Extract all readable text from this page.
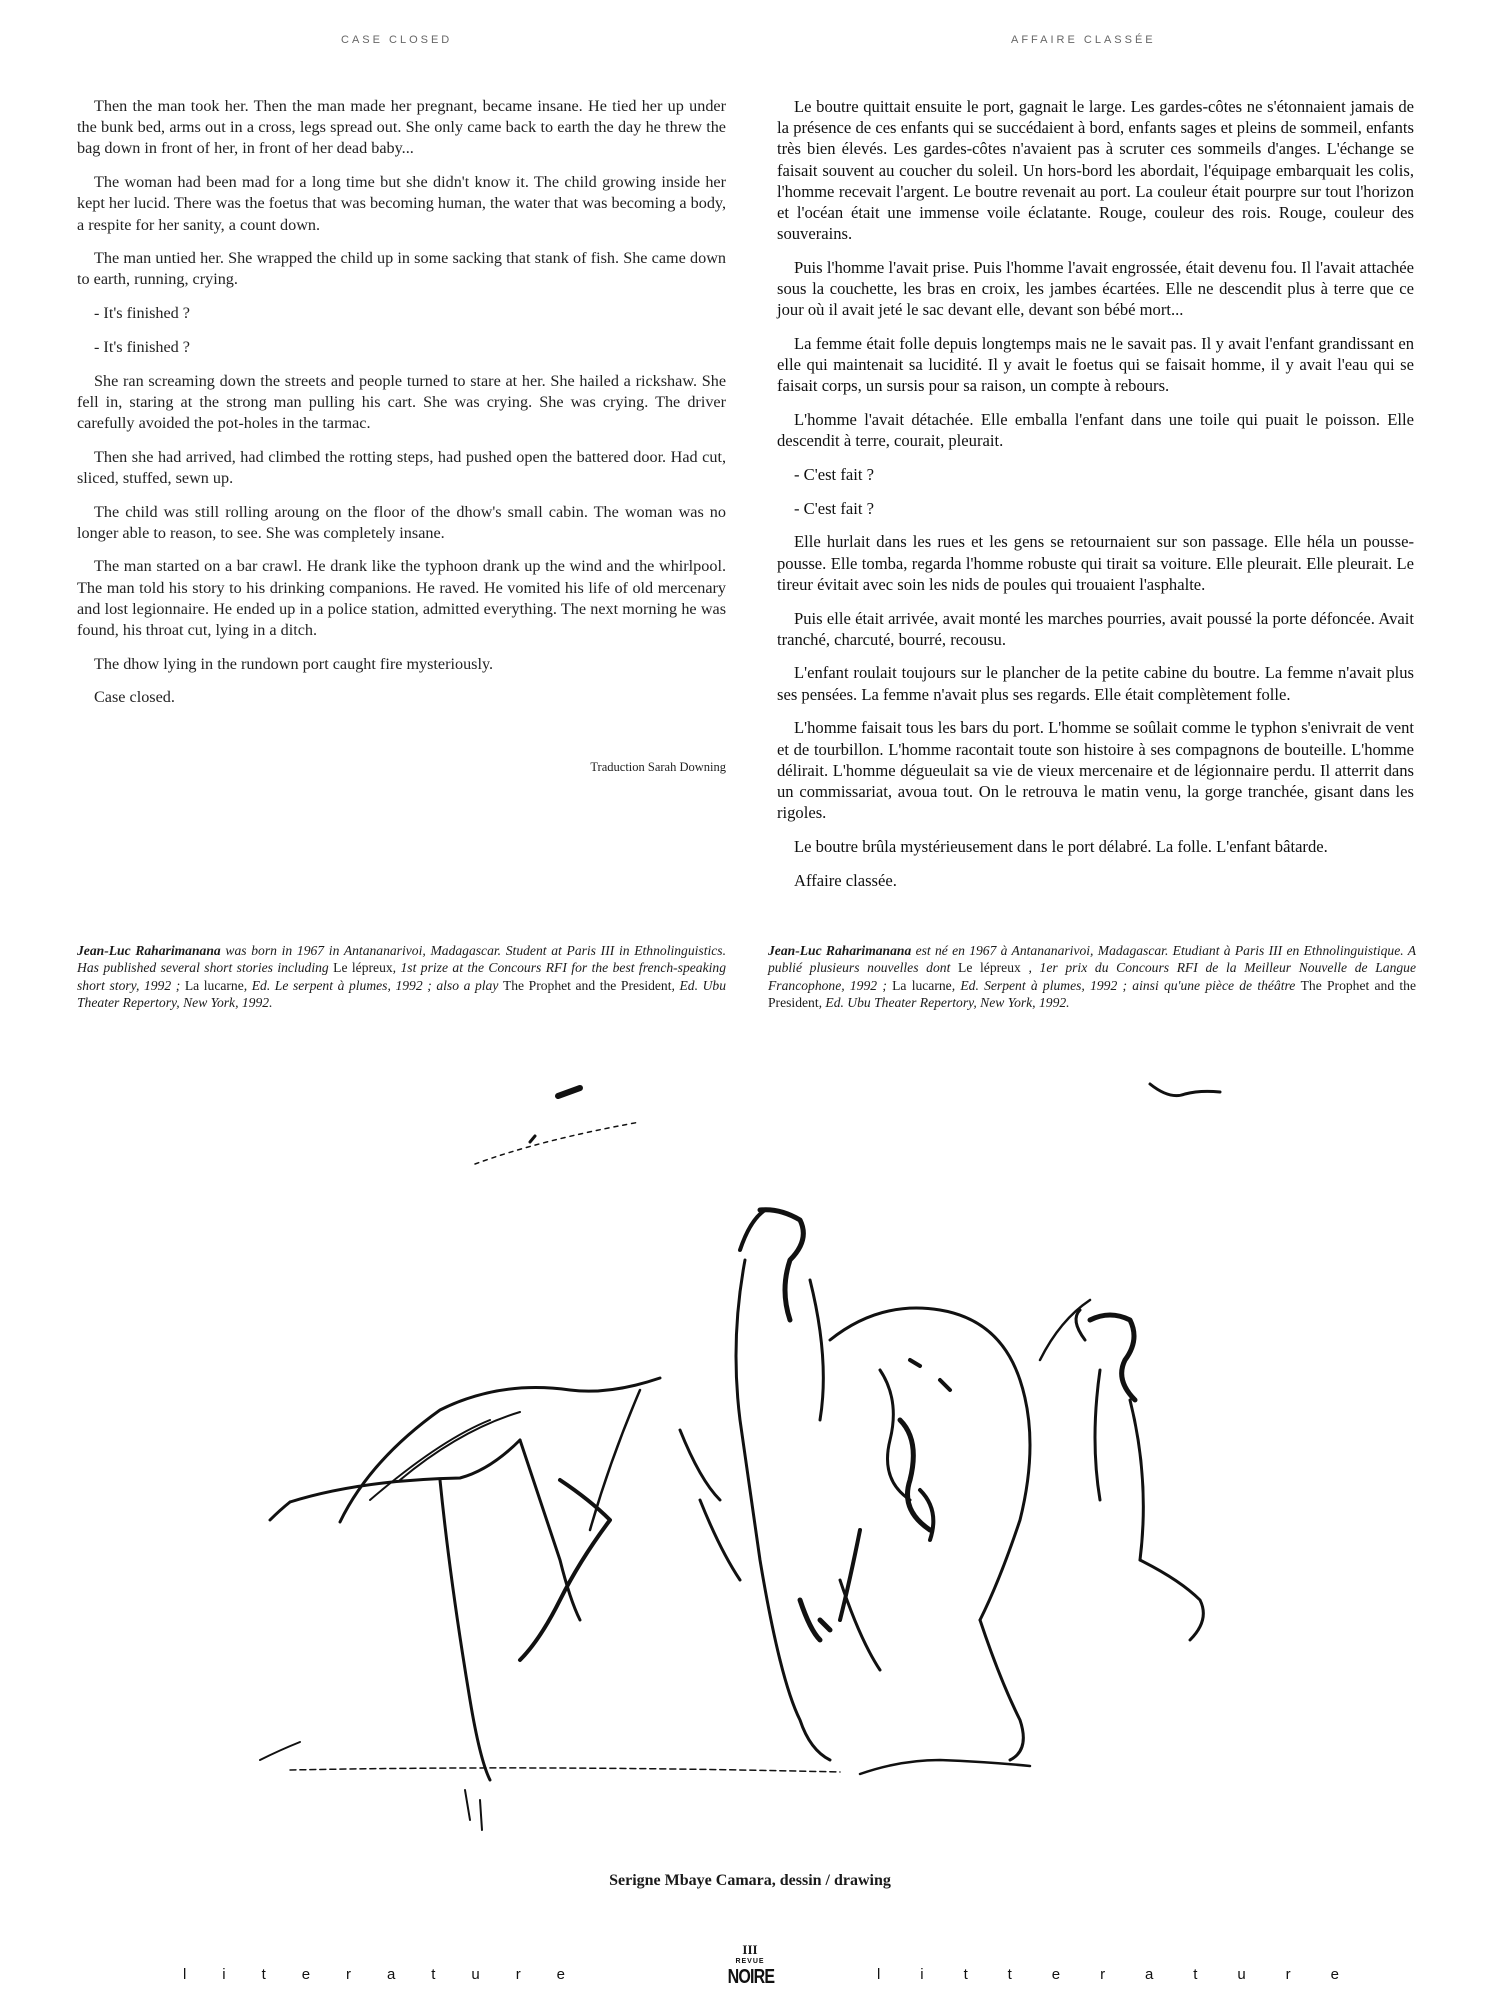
CASE CLOSED	AFFAIRE CLASSÉE

Then the man took her. Then the man made her pregnant, became insane. He tied her up under the bunk bed, arms out in a cross, legs spread out. She only came back to earth the day he threw the bag down in front of her, in front of her dead baby...

The woman had been mad for a long time but she didn't know it. The child growing inside her kept her lucid. There was the foetus that was becoming human, the water that was becoming a body, a respite for her sanity, a count down.

The man untied her. She wrapped the child up in some sacking that stank of fish. She came down to earth, running, crying.

- It's finished ?

- It's finished ?

She ran screaming down the streets and people turned to stare at her. She hailed a rickshaw. She fell in, staring at the strong man pulling his cart. She was crying. She was crying. The driver carefully avoided the pot-holes in the tarmac.

Then she had arrived, had climbed the rotting steps, had pushed open the battered door. Had cut, sliced, stuffed, sewn up.

The child was still rolling aroung on the floor of the dhow's small cabin. The woman was no longer able to reason, to see. She was completely insane.

The man started on a bar crawl. He drank like the typhoon drank up the wind and the whirlpool. The man told his story to his drinking companions. He raved. He vomited his life of old mercenary and lost legionnaire. He ended up in a police station, admitted everything. The next morning he was found, his throat cut, lying in a ditch.

The dhow lying in the rundown port caught fire mysteriously.

Case closed.

Traduction Sarah Downing

Le boutre quittait ensuite le port, gagnait le large. Les gardes-côtes ne s'étonnaient jamais de la présence de ces enfants qui se succédaient à bord, enfants sages et pleins de sommeil, enfants très bien élevés. Les gardes-côtes n'avaient pas à scruter ces sommeils d'anges. L'échange se faisait souvent au coucher du soleil. Un hors-bord les abordait, l'équipage embarquait les colis, l'homme recevait l'argent. Le boutre revenait au port. La couleur était pourpre sur tout l'horizon et l'océan était une immense voile éclatante. Rouge, couleur des rois. Rouge, couleur des souverains.

Puis l'homme l'avait prise. Puis l'homme l'avait engrossée, était devenu fou. Il l'avait attachée sous la couchette, les bras en croix, les jambes écartées. Elle ne descendit plus à terre que ce jour où il avait jeté le sac devant elle, devant son bébé mort...

La femme était folle depuis longtemps mais ne le savait pas. Il y avait l'enfant grandissant en elle qui maintenait sa lucidité. Il y avait le foetus qui se faisait homme, il y avait l'eau qui se faisait corps, un sursis pour sa raison, un compte à rebours.

L'homme l'avait détachée. Elle emballa l'enfant dans une toile qui puait le poisson. Elle descendit à terre, courait, pleurait.

- C'est fait ?

- C'est fait ?

Elle hurlait dans les rues et les gens se retournaient sur son passage. Elle héla un pousse-pousse. Elle tomba, regarda l'homme robuste qui tirait sa voiture. Elle pleurait. Elle pleurait. Le tireur évitait avec soin les nids de poules qui trouaient l'asphalte.

Puis elle était arrivée, avait monté les marches pourries, avait poussé la porte défoncée. Avait tranché, charcuté, bourré, recousu.

L'enfant roulait toujours sur le plancher de la petite cabine du boutre. La femme n'avait plus ses pensées. La femme n'avait plus ses regards. Elle était complètement folle.

L'homme faisait tous les bars du port. L'homme se soûlait comme le typhon s'enivrait de vent et de tourbillon. L'homme racontait toute son histoire à ses compagnons de bouteille. L'homme délirait. L'homme dégueulait sa vie de vieux mercenaire et de légionnaire perdu. Il atterrit dans un commissariat, avoua tout. On le retrouva le matin venu, la gorge tranchée, gisant dans les rigoles.

Le boutre brûla mystérieusement dans le port délabré. La folle. L'enfant bâtarde.

Affaire classée.

Jean-Luc Raharimanana was born in 1967 in Antananarivoi, Madagascar. Student at Paris III in Ethnolinguistics. Has published several short stories including Le lépreux, 1st prize at the Concours RFI for the best french-speaking short story, 1992 ; La lucarne, Ed. Le serpent à plumes, 1992 ; also a play The Prophet and the President, Ed. Ubu Theater Repertory, New York, 1992.
Jean-Luc Raharimanana est né en 1967 à Antananarivoi, Madagascar. Etudiant à Paris III en Ethnolinguistique. A publié plusieurs nouvelles dont Le lépreux , 1er prix du Concours RFI de la Meilleur Nouvelle de Langue Francophone, 1992 ; La lucarne, Ed. Serpent à plumes, 1992 ; ainsi qu'une pièce de théâtre The Prophet and the President, Ed. Ubu Theater Repertory, New York, 1992.
Serigne Mbaye Camara, dessin / drawing
III
l i t e r a t u r e
REVUE
NOIRE	l	i	t	t	e	r	a	t	u	r	e
